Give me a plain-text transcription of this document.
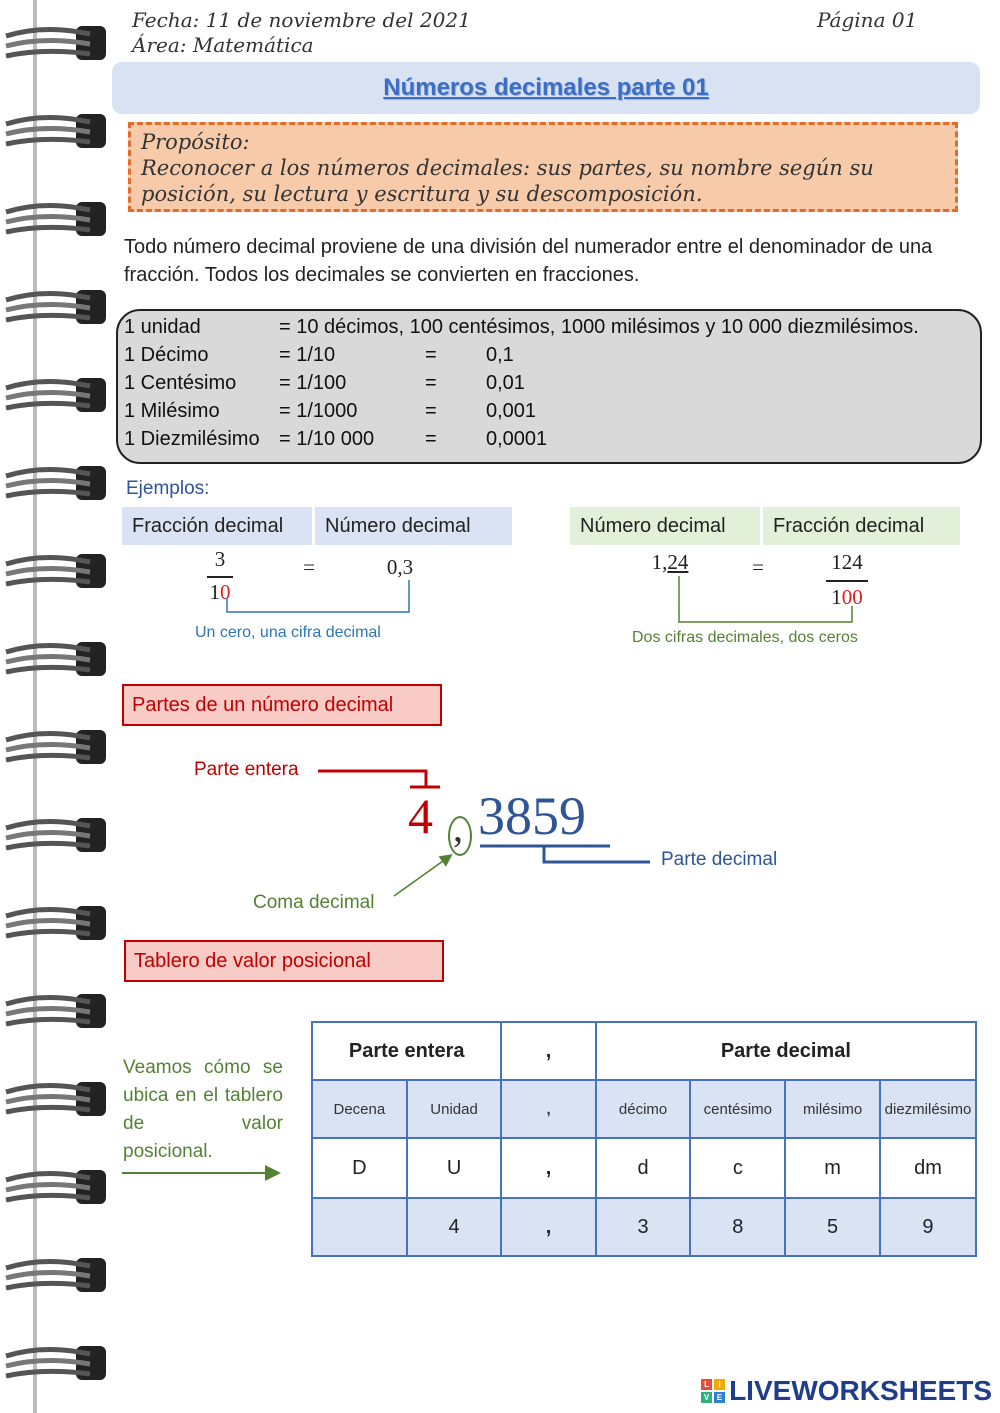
Fecha: 11 de noviembre del 2021
Área: Matemática
Página 01
Números decimales parte 01
Propósito:
Reconocer a los números decimales: sus partes, su nombre según su posición, su lectura y escritura y su descomposición.
Todo número decimal proviene de una división del numerador entre el denominador de una fracción. Todos los decimales se convierten en fracciones.
1 unidad	= 10 décimos, 100 centésimos, 1000 milésimos y 10 000 diezmilésimos.
1 Décimo	= 1/10	= 0,1
1 Centésimo = 1/100	= 0,01
1 Milésimo	= 1/1000	= 0,001
1 Diezmilésimo = 1/10 000	= 0,0001
Ejemplos:
Fracción decimal	Número decimal	Número decimal	Fracción decimal
3
10
=	0,3
Un cero, una cifra decimal
1,24	=	124
100
Dos cifras decimales, dos ceros
Partes de un número decimal
Parte entera
4 , 3859
Parte decimal
Coma decimal
Tablero de valor posicional
Veamos cómo se ubica en el tablero de valor posicional.
Parte entera		,	Parte decimal			
Decena	Unidad	,	décimo	centésimo	milésimo	diezmilésimo
D	U	,	d	c	m	dm
	4	,	3	8	5	9
L	I
V E LIVEWORKSHEETS
